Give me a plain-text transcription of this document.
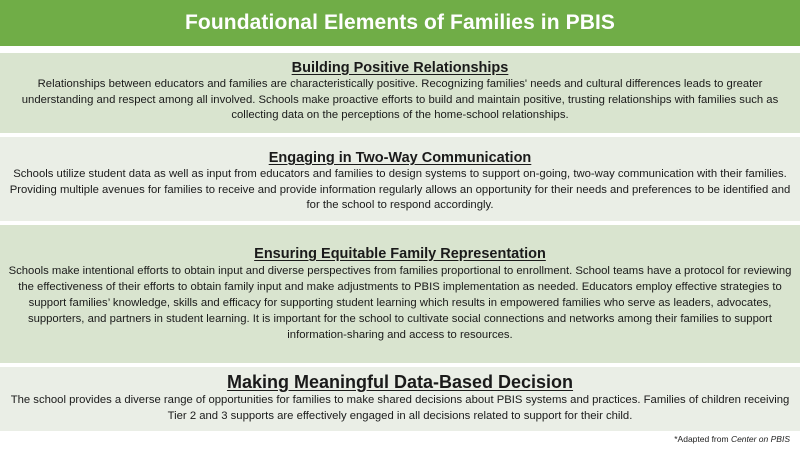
Foundational Elements of Families in PBIS
Building Positive Relationships

Relationships between educators and families are characteristically positive. Recognizing families' needs and cultural differences leads to greater understanding and respect among all involved. Schools make proactive efforts to build and maintain positive, trusting relationships with families such as collecting data on the perceptions of the home-school relationships.

Engaging in Two-Way Communication

Schools utilize student data as well as input from educators and families to design systems to support on-going, two-way communication with their families. Providing multiple avenues for families to receive and provide information regularly allows an opportunity for their needs and preferences to be identified and for the school to respond accordingly.

Ensuring Equitable Family Representation

Schools make intentional efforts to obtain input and diverse perspectives from families proportional to enrollment. School teams have a protocol for reviewing the effectiveness of their efforts to obtain family input and make adjustments to PBIS implementation as needed. Educators employ effective strategies to support families’ knowledge, skills and efficacy for supporting student learning which results in empowered families who serve as leaders, advocates, supporters, and partners in student learning. It is important for the school to cultivate social connections and networks among their families to support information-sharing and access to resources.

Making Meaningful Data-Based Decision

The school provides a diverse range of opportunities for families to make shared decisions about PBIS systems and practices. Families of children receiving Tier 2 and 3 supports are effectively engaged in all decisions related to support for their child.

*Adapted from Center on PBIS
